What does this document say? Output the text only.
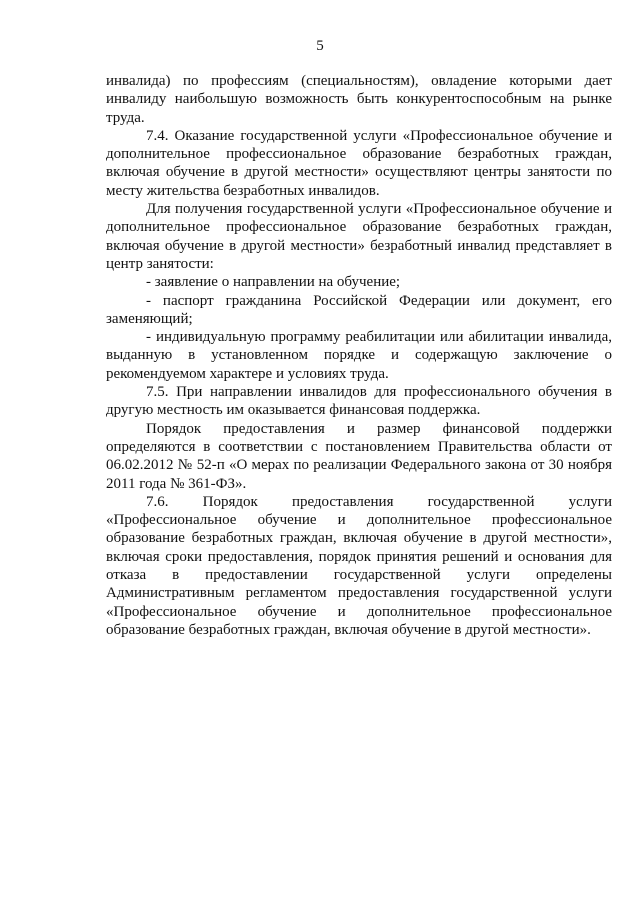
5

инвалида) по профессиям (специальностям), овладение которыми дает инвалиду наибольшую возможность быть конкурентоспособным на рынке труда.

7.4. Оказание государственной услуги «Профессиональное обучение и дополнительное профессиональное образование безработных граждан, включая обучение в другой местности» осуществляют центры занятости по месту жительства безработных инвалидов.

Для получения государственной услуги «Профессиональное обучение и дополнительное профессиональное образование безработных граждан, включая обучение в другой местности» безработный инвалид представляет в центр занятости:

- заявление о направлении на обучение;

- паспорт гражданина Российской Федерации или документ, его заменяющий;

- индивидуальную программу реабилитации или абилитации инвалида, выданную в установленном порядке и содержащую заключение о рекомендуемом характере и условиях труда.

7.5. При направлении инвалидов для профессионального обучения в другую местность им оказывается финансовая поддержка.

Порядок предоставления и размер финансовой поддержки определяются в соответствии с постановлением Правительства области от 06.02.2012 № 52-п «О мерах по реализации Федерального закона от 30 ноября 2011 года № 361-ФЗ».

7.6. Порядок предоставления государственной услуги «Профессиональное обучение и дополнительное профессиональное образование безработных граждан, включая обучение в другой местности», включая сроки предоставления, порядок принятия решений и основания для отказа в предоставлении государственной услуги определены Административным регламентом предоставления государственной услуги «Профессиональное обучение и дополнительное профессиональное образование безработных граждан, включая обучение в другой местности».
